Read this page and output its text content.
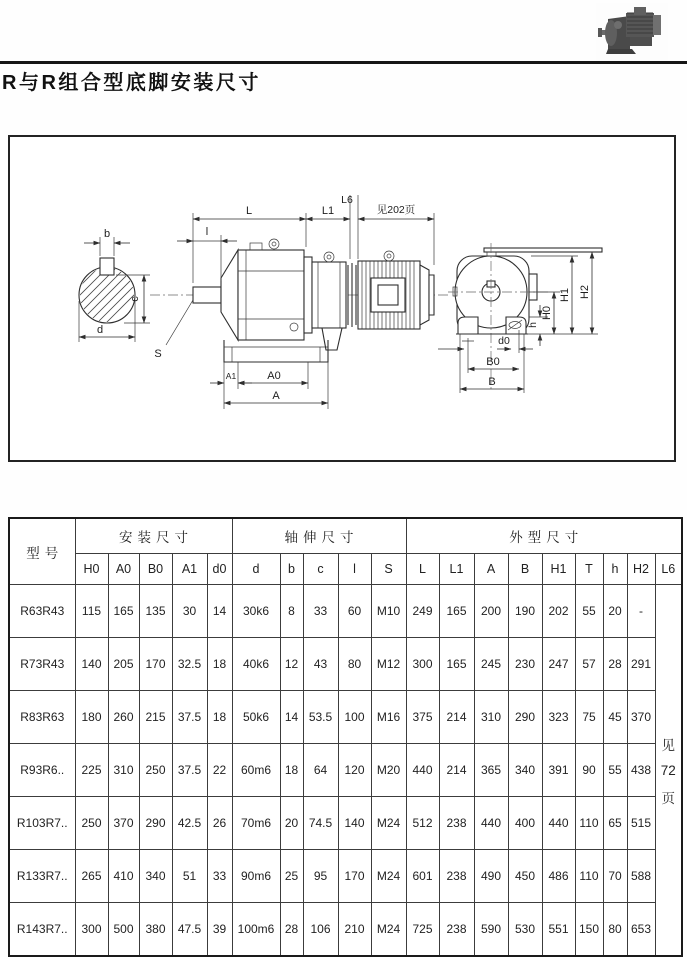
R与R组合型底脚安装尺寸
b
c
d
S
L	L1
L6
见202页
l
A1	A0
A
d0
B0
B
H0
H1 H2
h
型号	安装尺寸					轴伸尺寸					外型尺寸								
	H0	A0	B0	A1	d0	d	b	c	l	S	L	L1	A	B	H1	T	h	H2	L6
R63R43	115	165	135	30	14	30k6	8	33	60	M10	249	165	200	190	202	55	20	-	见
72
页

R73R43	140	205	170	32.5	18	40k6	12	43	80	M12	300	165	245	230	247	57	28	291	
R83R63	180	260	215	37.5	18	50k6	14	53.5	100	M16	375	214	310	290	323	75	45	370	
R93R6..	225	310	250	37.5	22	60m6	18	64	120	M20	440	214	365	340	391	90	55	438	
R103R7..	250	370	290	42.5	26	70m6	20	74.5	140	M24	512	238	440	400	440	110	65	515	
R133R7..	265	410	340	51	33	90m6	25	95	170	M24	601	238	490	450	486	110	70	588	
R143R7..	300	500	380	47.5	39	100m6	28	106	210	M24	725	238	590	530	551	150	80	653	
